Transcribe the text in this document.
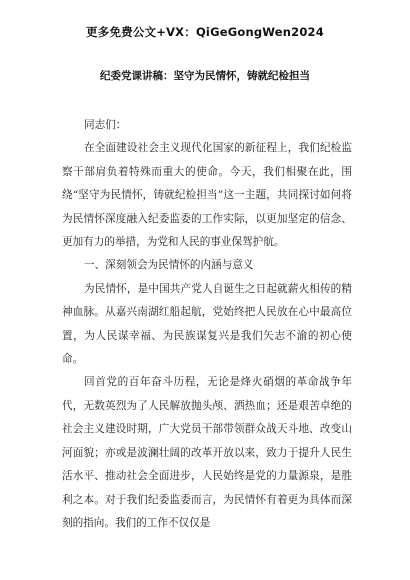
更多免费公文+VX：QiGeGongWen2024
纪委党课讲稿：坚守为民情怀，铸就纪检担当

同志们：

在全面建设社会主义现代化国家的新征程上，我们纪检监察干部肩负着特殊而重大的使命。今天，我们相聚在此，围绕“坚守为民情怀，铸就纪检担当”这一主题，共同探讨如何将为民情怀深度融入纪委监委的工作实际，以更加坚定的信念、更加有力的举措，为党和人民的事业保驾护航。

一、深刻领会为民情怀的内涵与意义

为民情怀，是中国共产党人自诞生之日起就薪火相传的精神血脉。从嘉兴南湖红船起航，党始终把人民放在心中最高位置，为人民谋幸福、为民族谋复兴是我们矢志不渝的初心使命。

回首党的百年奋斗历程，无论是烽火硝烟的革命战争年代，无数英烈为了人民解放抛头颅、洒热血；还是艰苦卓绝的社会主义建设时期，广大党员干部带领群众战天斗地、改变山河面貌；亦或是波澜壮阔的改革开放以来，致力于提升人民生活水平、推动社会全面进步，人民始终是党的力量源泉，是胜利之本。对于我们纪委监委而言，为民情怀有着更为具体而深刻的指向。我们的工作不仅仅是
